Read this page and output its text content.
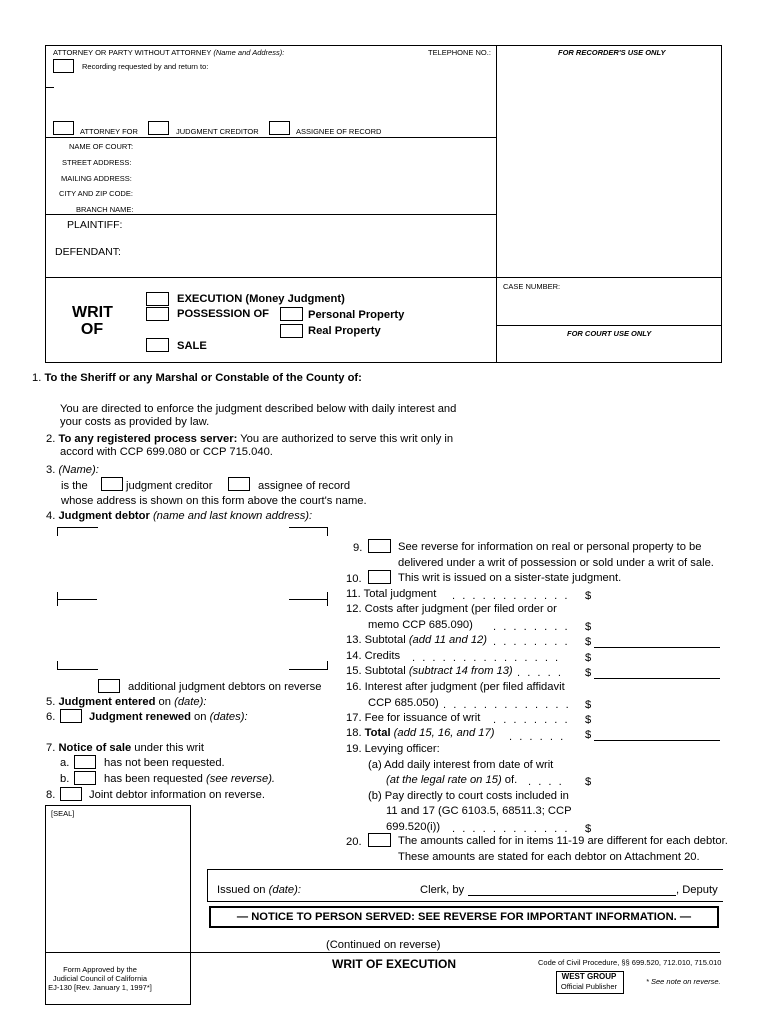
ATTORNEY OR PARTY WITHOUT ATTORNEY (Name and Address):	TELEPHONE NO.:	FOR RECORDER'S USE ONLY
Recording requested by and return to:
ATTORNEY FOR	JUDGMENT CREDITOR	ASSIGNEE OF RECORD
NAME OF COURT:
STREET ADDRESS:
MAILING ADDRESS:
CITY AND ZIP CODE:
BRANCH NAME:
PLAINTIFF:
DEFENDANT:
CASE NUMBER:
FOR COURT USE ONLY
WRIT
OF
EXECUTION (Money Judgment)
POSSESSION OF	Personal Property
Real Property
SALE
1. To the Sheriff or any Marshal or Constable of the County of:
You are directed to enforce the judgment described below with daily interest and
your costs as provided by law.
2. To any registered process server: You are authorized to serve this writ only in
accord with CCP 699.080 or CCP 715.040.
3. (Name):
is the	judgment creditor	assignee of record
whose address is shown on this form above the court's name.
4. Judgment debtor (name and last known address):
additional judgment debtors on reverse
5. Judgment entered on (date):
6.	Judgment renewed on (dates):
7. Notice of sale under this writ
a.	has not been requested.
b.	has been requested (see reverse).
8.	Joint debtor information on reverse.
[SEAL]
9.	See reverse for information on real or personal property to be
delivered under a writ of possession or sold under a writ of sale.
10.	This writ is issued on a sister-state judgment.
11. Total judgment . . . . . . . . . . . . $
12. Costs after judgment (per filed order or
memo CCP 685.090) . . . . . . . . $
13. Subtotal (add 11 and 12) . . . . . . . . $
14. Credits . . . . . . . . . . . . . . . $
15. Subtotal (subtract 14 from 13) . . . . . $
16. Interest after judgment (per filed affidavit
CCP 685.050) . . . . . . . . . . . . . $
17. Fee for issuance of writ . . . . . . . . $
18. Total (add 15, 16, and 17) . . . . . . $
19. Levying officer:
(a) Add daily interest from date of writ
(at the legal rate on 15) of. . . . . $
(b) Pay directly to court costs included in
11 and 17 (GC 6103.5, 68511.3; CCP
699.520(i)) . . . . . . . . . . . . $
20.	The amounts called for in items 11-19 are different for each debtor.
These amounts are stated for each debtor on Attachment 20.
Issued on (date):	Clerk, by	, Deputy
— NOTICE TO PERSON SERVED: SEE REVERSE FOR IMPORTANT INFORMATION. —
(Continued on reverse)
WRIT OF EXECUTION	Code of Civil Procedure, §§ 699.520, 712.010, 715.010
Form Approved by the
Judicial Council of California
EJ-130 [Rev. January 1, 1997*]
WEST GROUP
Official Publisher
* See note on reverse.
